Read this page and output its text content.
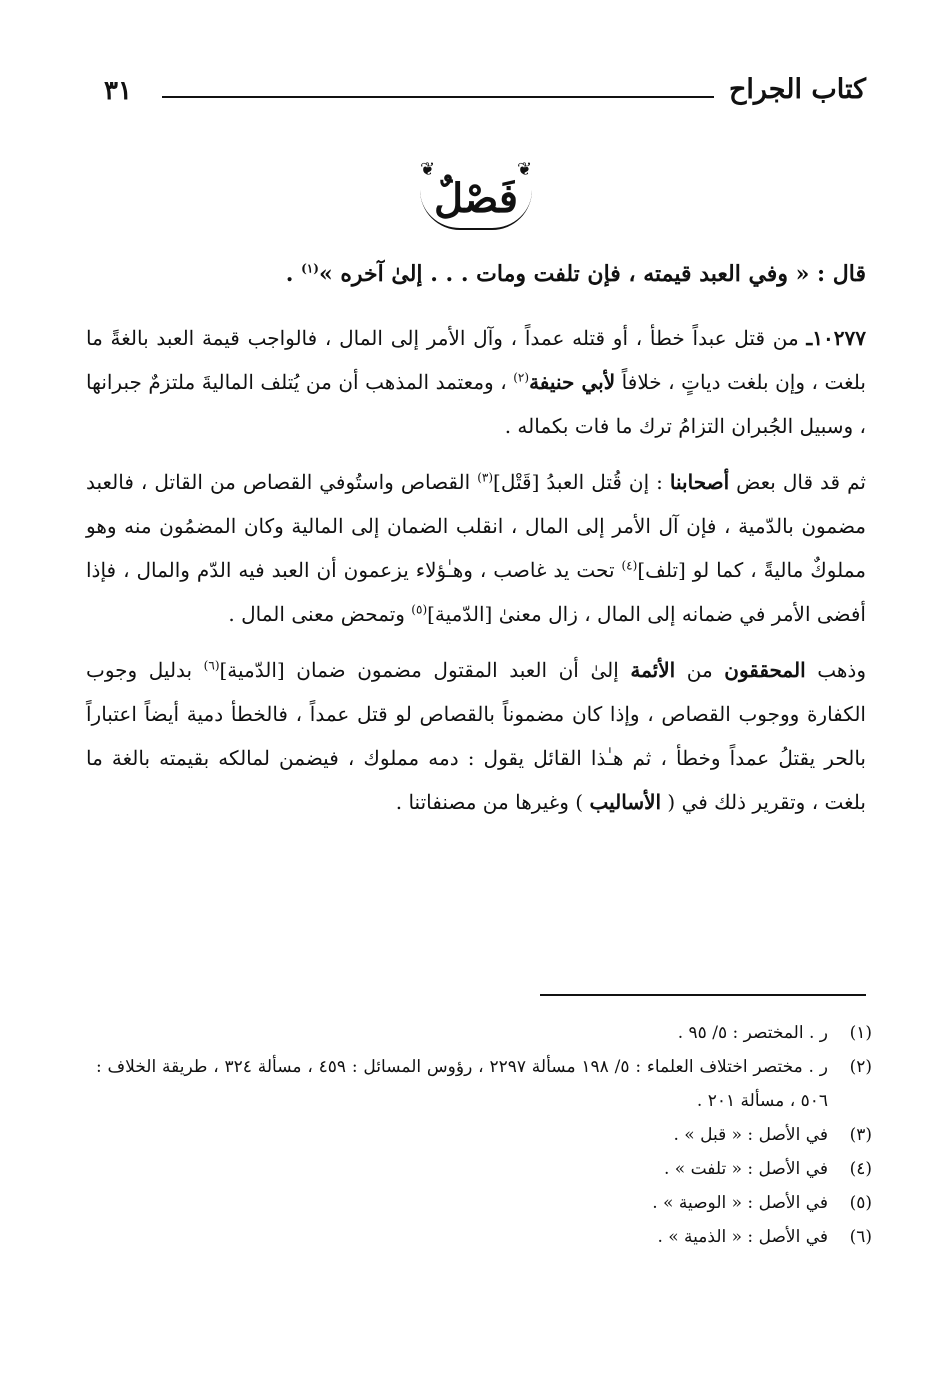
كتاب الجراح
٣١
❦
فَصْلٌ
❦

قال : « وفي العبد قيمته ، فإن تلفت ومات . . . إلىٰ آخره »$^{(١)}$ .

١٠٢٧٧ـ من قتل عبداً خطأ ، أو قتله عمداً ، وآل الأمر إلى المال ، فالواجب قيمة العبد بالغةً ما بلغت ، وإن بلغت دياتٍ ، خلافاً لأبي حنيفة$^{(٢)}$ ، ومعتمد المذهب أن من يُتلف الماليةَ ملتزمٌ جبرانها ، وسبيل الجُبران التزامُ ترك ما فات بكماله .

ثم قد قال بعض أصحابنا : إن قُتل العبدُ [قَتْل]$^{(٣)}$ القصاص واستُوفي القصاص من القاتل ، فالعبد مضمون بالدّمية ، فإن آل الأمر إلى المال ، انقلب الضمان إلى المالية وكان المضمُون منه وهو مملوكٌ ماليةً ، كما لو [تلف]$^{(٤)}$ تحت يد غاصب ، وهـٰؤلاء يزعمون أن العبد فيه الدّم والمال ، فإذا أفضى الأمر في ضمانه إلى المال ، زال معنىٰ [الدّمية]$^{(٥)}$ وتمحض معنى المال .

وذهب المحققون من الأئمة إلىٰ أن العبد المقتول مضمون ضمان [الدّمية]$^{(٦)}$ بدليل وجوب الكفارة ووجوب القصاص ، وإذا كان مضموناً بالقصاص لو قتل عمداً ، فالخطأ دمية أيضاً اعتباراً بالحر يقتلُ عمداً وخطأ ، ثم هـٰذا القائل يقول : دمه مملوك ، فيضمن لمالكه بقيمته بالغة ما بلغت ، وتقرير ذلك في ( الأساليب ) وغيرها من مصنفاتنا .

(١)
ر . المختصر : ٥/ ٩٥ .
(٢)
ر . مختصر اختلاف العلماء : ٥/ ١٩٨ مسألة ٢٢٩٧ ، رؤوس المسائل : ٤٥٩ ، مسألة ٣٢٤ ، طريقة الخلاف : ٥٠٦ ، مسألة ٢٠١ .
(٣)
في الأصل : « قبل » .
(٤)
في الأصل : « تلفت » .
(٥)
في الأصل : « الوصية » .
(٦)
في الأصل : « الذمية » .
